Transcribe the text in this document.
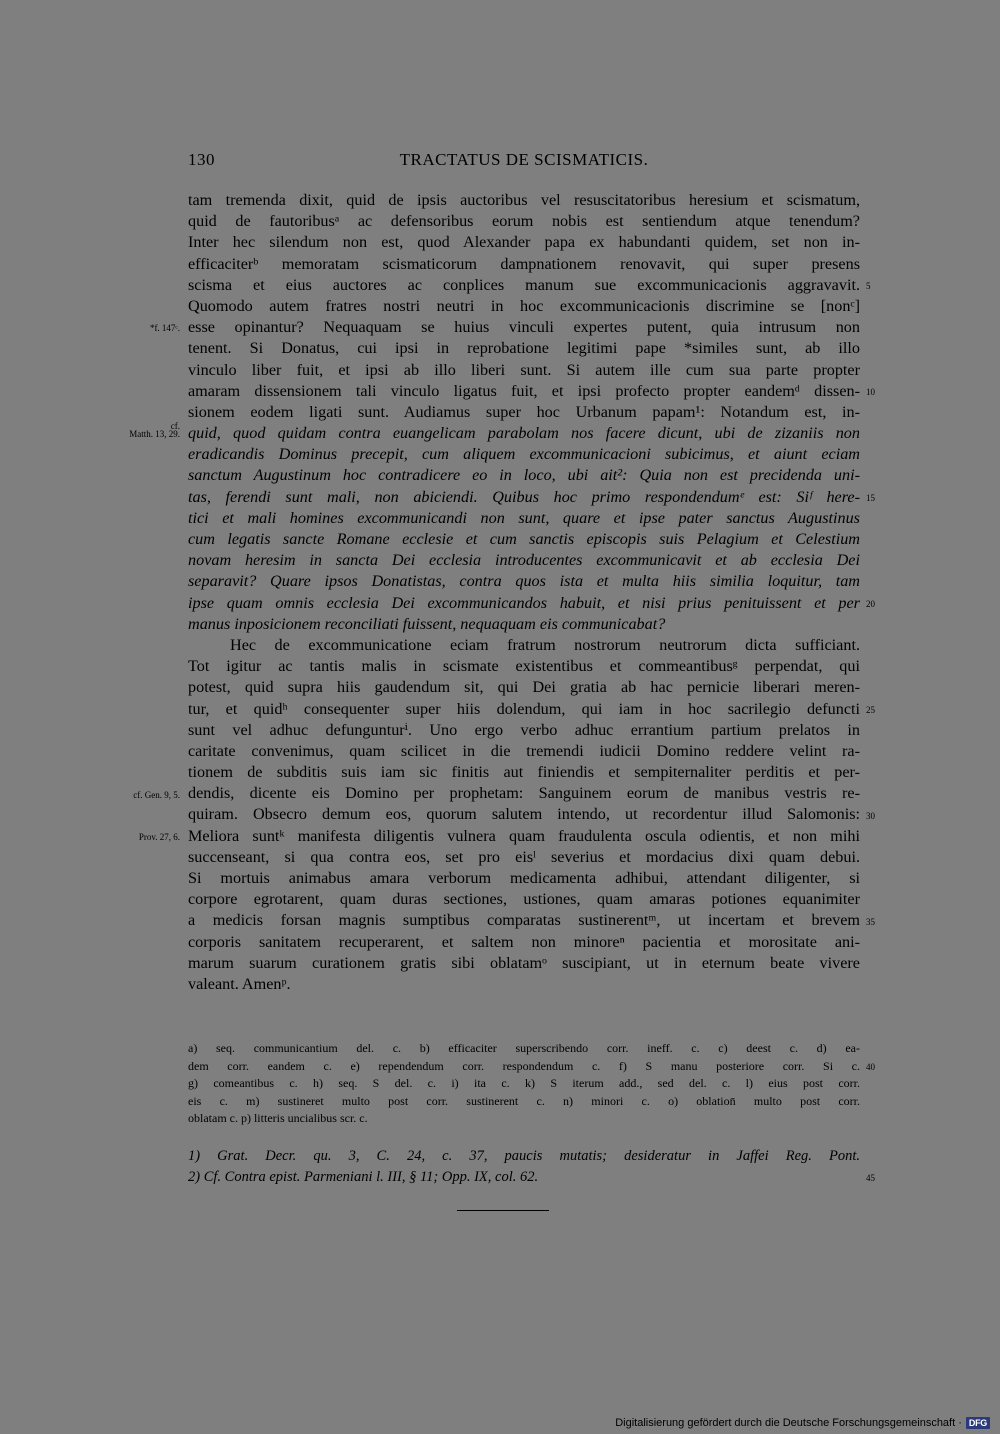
130	TRACTATUS DE SCISMATICIS.
tam tremenda dixit, quid de ipsis auctoribus vel resuscitatoribus heresium et scismatum,
quid de fautoribusᵃ ac defensoribus eorum nobis est sentiendum atque tenendum?
Inter hec silendum non est, quod Alexander papa ex habundanti quidem, set non in-
efficaciterᵇ memoratam scismaticorum dampnationem renovavit, qui super presens
scisma et eius auctores ac conplices manum sue excommunicacionis aggravavit.
Quomodo autem fratres nostri neutri in hoc excommunicacionis discrimine se [nonᶜ]
esse opinantur? Nequaquam se huius vinculi expertes putent, quia intrusum non
tenent. Si Donatus, cui ipsi in reprobatione legitimi pape *similes sunt, ab illo
vinculo liber fuit, et ipsi ab illo liberi sunt. Si autem ille cum sua parte propter
amaram dissensionem tali vinculo ligatus fuit, et ipsi profecto propter eandemᵈ dissen-
sionem eodem ligati sunt. Audiamus super hoc Urbanum papam¹: Notandum est, in-
quid, quod quidam contra euangelicam parabolam nos facere dicunt, ubi de zizaniis non
eradicandis Dominus precepit, cum aliquem excommunicacioni subicimus, et aiunt eciam
sanctum Augustinum hoc contradicere eo in loco, ubi ait²: Quia non est precidenda uni-
tas, ferendi sunt mali, non abiciendi. Quibus hoc primo respondendumᵉ est: Siᶠ here-
tici et mali homines excommunicandi non sunt, quare et ipse pater sanctus Augustinus
cum legatis sancte Romane ecclesie et cum sanctis episcopis suis Pelagium et Celestium
novam heresim in sancta Dei ecclesia introducentes excommunicavit et ab ecclesia Dei
separavit? Quare ipsos Donatistas, contra quos ista et multa hiis similia loquitur, tam
ipse quam omnis ecclesia Dei excommunicandos habuit, et nisi prius penituissent et per
manus inposicionem reconciliati fuissent, nequaquam eis communicabat?
Hec de excommunicatione eciam fratrum nostrorum neutrorum dicta sufficiant.
Tot igitur ac tantis malis in scismate existentibus et commeantibusᵍ perpendat, qui
potest, quid supra hiis gaudendum sit, qui Dei gratia ab hac pernicie liberari meren-
tur, et quidʰ consequenter super hiis dolendum, qui iam in hoc sacrilegio defuncti
sunt vel adhuc defungunturⁱ. Uno ergo verbo adhuc errantium partium prelatos in
caritate convenimus, quam scilicet in die tremendi iudicii Domino reddere velint ra-
tionem de subditis suis iam sic finitis aut finiendis et sempiternaliter perditis et per-
dendis, dicente eis Domino per prophetam: Sanguinem eorum de manibus vestris re-
quiram. Obsecro demum eos, quorum salutem intendo, ut recordentur illud Salomonis:
Meliora suntᵏ manifesta diligentis vulnera quam fraudulenta oscula odientis, et non mihi
succenseant, si qua contra eos, set pro eisˡ severius et mordacius dixi quam debui.
Si mortuis animabus amara verborum medicamenta adhibui, attendant diligenter, si
corpore egrotarent, quam duras sectiones, ustiones, quam amaras potiones equanimiter
a medicis forsan magnis sumptibus comparatas sustinerentᵐ, ut incertam et brevem
corporis sanitatem recuperarent, et saltem non minoreⁿ pacientia et morositate ani-
marum suarum curationem gratis sibi oblatamᵒ suscipiant, ut in eternum beate vivere
valeant. Amenᵖ.
*f. 147ᶜ.
cf.
Matth. 13, 29.
cf. Gen. 9, 5.
Prov. 27, 6.
5
10
15
20
25
30
35
40
45
a) seq. communicantium del. c. b) efficaciter superscribendo corr. ineff. c. c) deest c. d) ea-
dem corr. eandem c. e) rependendum corr. respondendum c. f) S manu posteriore corr. Si c.
g) comeantibus c. h) seq. S del. c. i) ita c. k) S iterum add., sed del. c. l) eius post corr.
eis c. m) sustineret multo post corr. sustinerent c. n) minori c. o) oblation̄ multo post corr.
oblatam c. p) litteris uncialibus scr. c.
1) Grat. Decr. qu. 3, C. 24, c. 37, paucis mutatis; desideratur in Jaffei Reg. Pont.
2) Cf. Contra epist. Parmeniani l. III, § 11; Opp. IX, col. 62.
Digitalisierung gefördert durch die Deutsche Forschungsgemeinschaft · DFG
